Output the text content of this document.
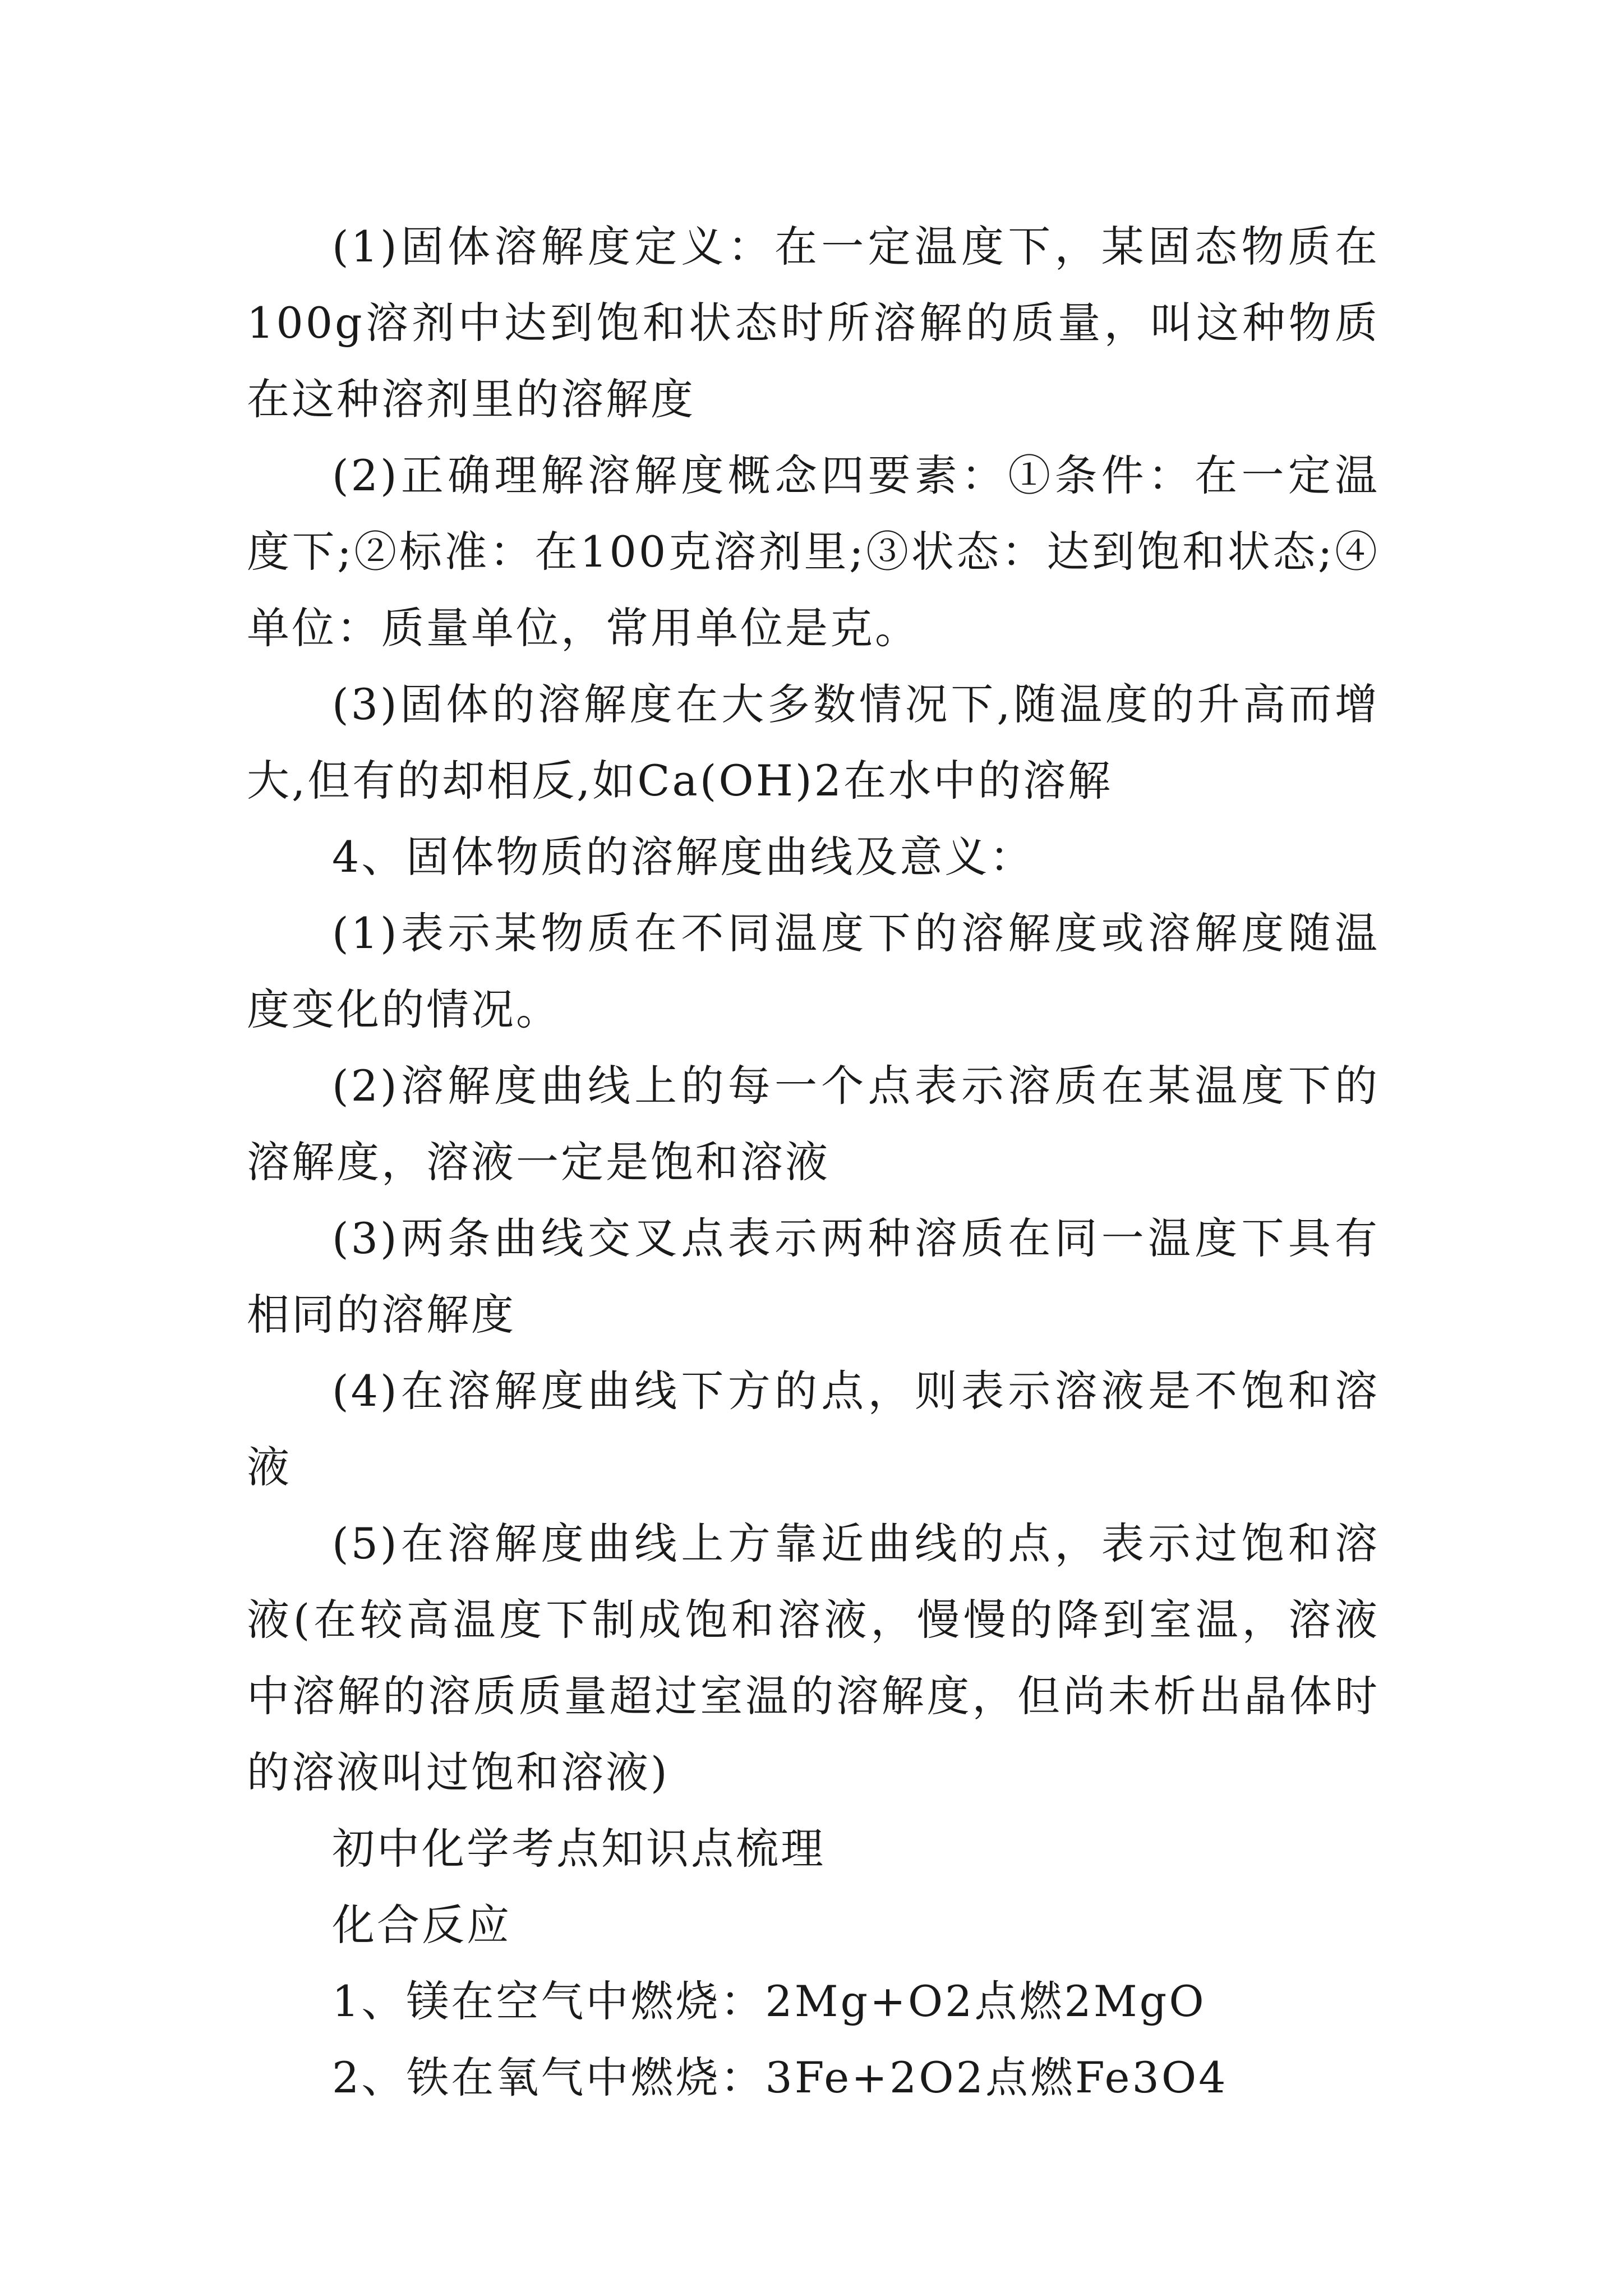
(1)固体溶解度定义：在一定温度下，某固态物质在100g溶剂中达到饱和状态时所溶解的质量，叫这种物质在这种溶剂里的溶解度

(2)正确理解溶解度概念四要素：①条件：在一定温度下;②标准：在100克溶剂里;③状态：达到饱和状态;④单位：质量单位，常用单位是克。

(3)固体的溶解度在大多数情况下,随温度的升高而增大,但有的却相反,如Ca(OH)2在水中的溶解

4、固体物质的溶解度曲线及意义：

(1)表示某物质在不同温度下的溶解度或溶解度随温度变化的情况。

(2)溶解度曲线上的每一个点表示溶质在某温度下的溶解度，溶液一定是饱和溶液

(3)两条曲线交叉点表示两种溶质在同一温度下具有相同的溶解度

(4)在溶解度曲线下方的点，则表示溶液是不饱和溶液

(5)在溶解度曲线上方靠近曲线的点，表示过饱和溶液(在较高温度下制成饱和溶液，慢慢的降到室温，溶液中溶解的溶质质量超过室温的溶解度，但尚未析出晶体时的溶液叫过饱和溶液)

初中化学考点知识点梳理

化合反应

1、镁在空气中燃烧：2Mg+O2点燃2MgO

2、铁在氧气中燃烧：3Fe+2O2点燃Fe3O4
